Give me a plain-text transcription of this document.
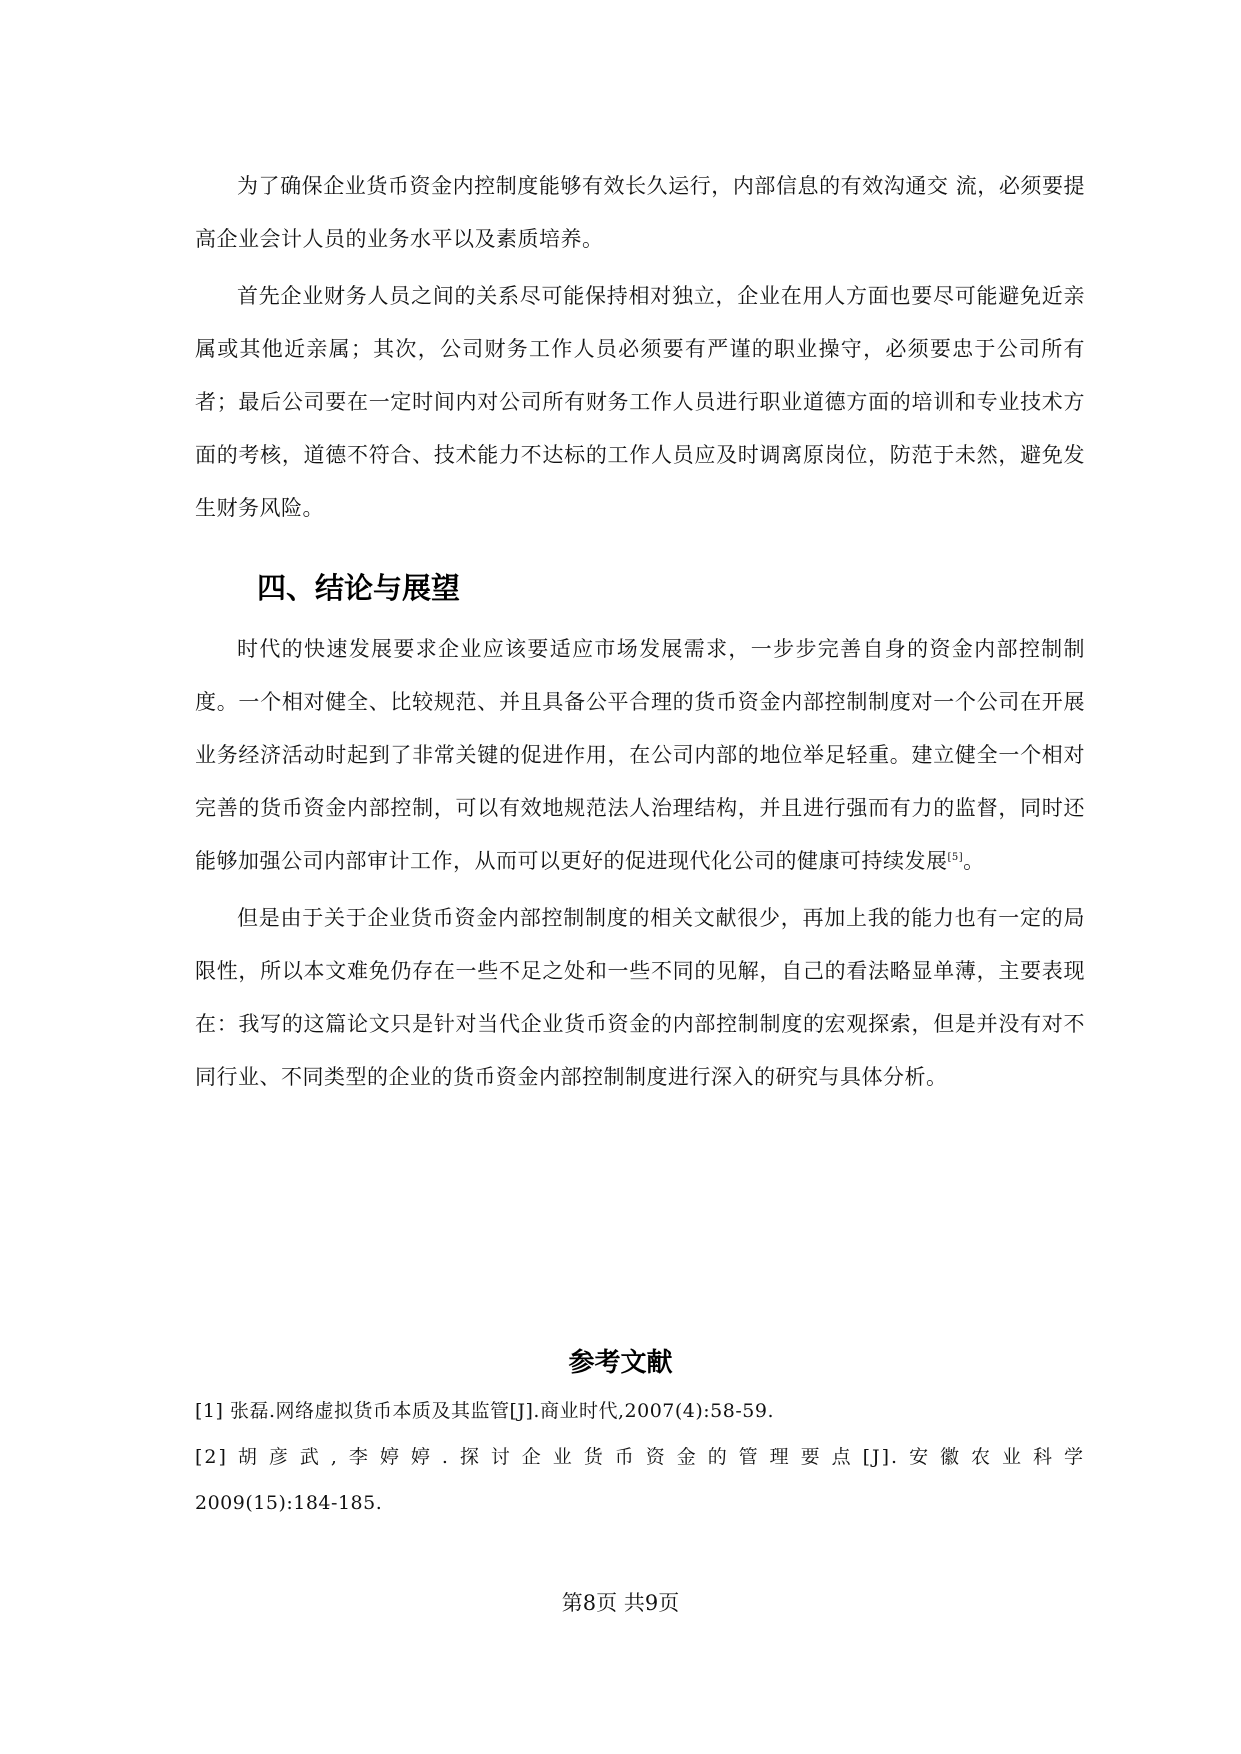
为了确保企业货币资金内控制度能够有效长久运行，内部信息的有效沟通交 流，必须要提高企业会计人员的业务水平以及素质培养。

首先企业财务人员之间的关系尽可能保持相对独立，企业在用人方面也要尽可能避免近亲属或其他近亲属；其次，公司财务工作人员必须要有严谨的职业操守，必须要忠于公司所有者；最后公司要在一定时间内对公司所有财务工作人员进行职业道德方面的培训和专业技术方面的考核，道德不符合、技术能力不达标的工作人员应及时调离原岗位，防范于未然，避免发生财务风险。

四、结论与展望

时代的快速发展要求企业应该要适应市场发展需求，一步步完善自身的资金内部控制制度。一个相对健全、比较规范、并且具备公平合理的货币资金内部控制制度对一个公司在开展业务经济活动时起到了非常关键的促进作用，在公司内部的地位举足轻重。建立健全一个相对完善的货币资金内部控制，可以有效地规范法人治理结构，并且进行强而有力的监督，同时还能够加强公司内部审计工作，从而可以更好的促进现代化公司的健康可持续发展[5]。

但是由于关于企业货币资金内部控制制度的相关文献很少，再加上我的能力也有一定的局限性，所以本文难免仍存在一些不足之处和一些不同的见解，自己的看法略显单薄，主要表现在：我写的这篇论文只是针对当代企业货币资金的内部控制制度的宏观探索，但是并没有对不同行业、不同类型的企业的货币资金内部控制制度进行深入的研究与具体分析。

参考文献

[1] 张磊.网络虚拟货币本质及其监管[J].商业时代,2007(4):58-59.

[2]胡彦武,李婷婷.探讨企业货币资金的管理要点[J].安徽农业科学

2009(15):184-185.

第8页 共9页
